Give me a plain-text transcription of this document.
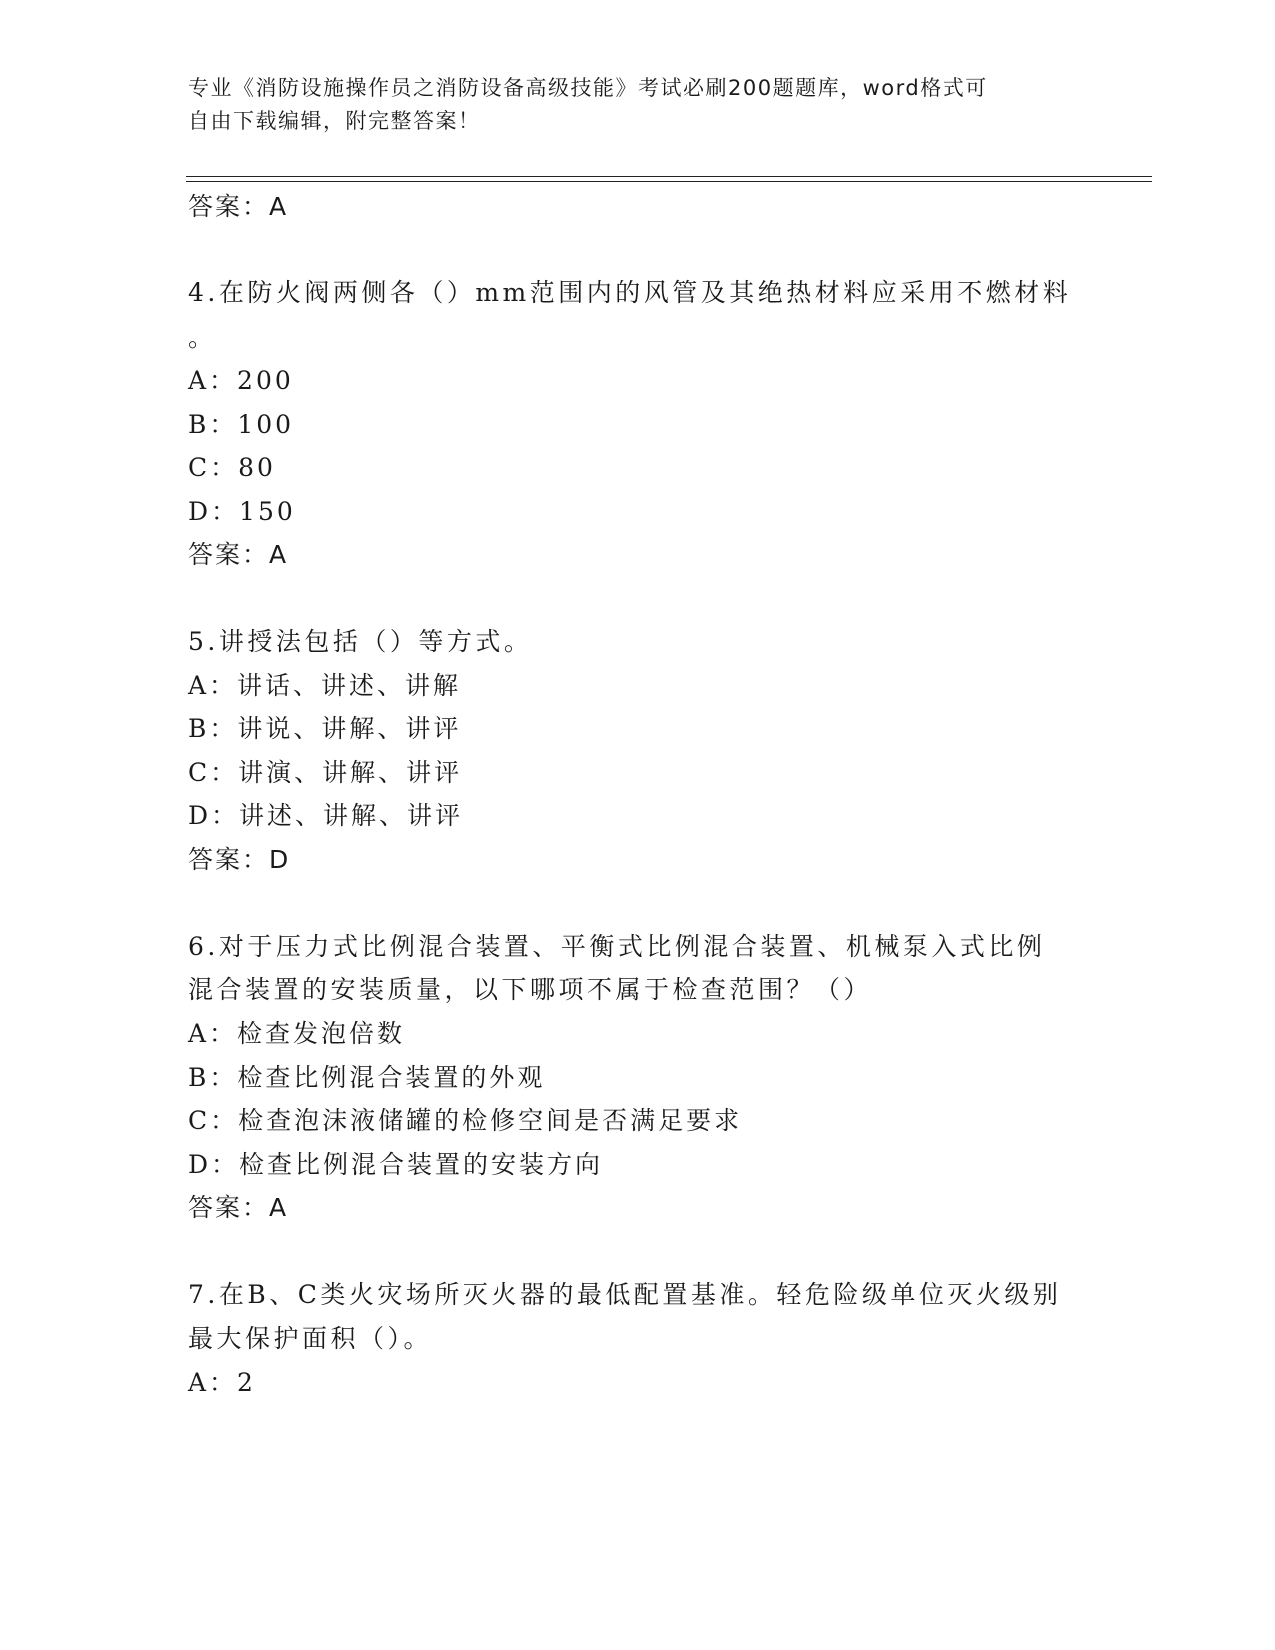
专业《消防设施操作员之消防设备高级技能》考试必刷200题题库，word格式可
自由下载编辑，附完整答案！
答案：A
4.在防火阀两侧各（）mm范围内的风管及其绝热材料应采用不燃材料
。
A：200
B：100
C：80
D：150
答案：A
5.讲授法包括（）等方式。
A：讲话、讲述、讲解
B：讲说、讲解、讲评
C：讲演、讲解、讲评
D：讲述、讲解、讲评
答案：D
6.对于压力式比例混合装置、平衡式比例混合装置、机械泵入式比例
混合装置的安装质量，以下哪项不属于检查范围？（）
A：检查发泡倍数
B：检查比例混合装置的外观
C：检查泡沫液储罐的检修空间是否满足要求
D：检查比例混合装置的安装方向
答案：A
7.在B、C类火灾场所灭火器的最低配置基准。轻危险级单位灭火级别
最大保护面积（）。
A：2
